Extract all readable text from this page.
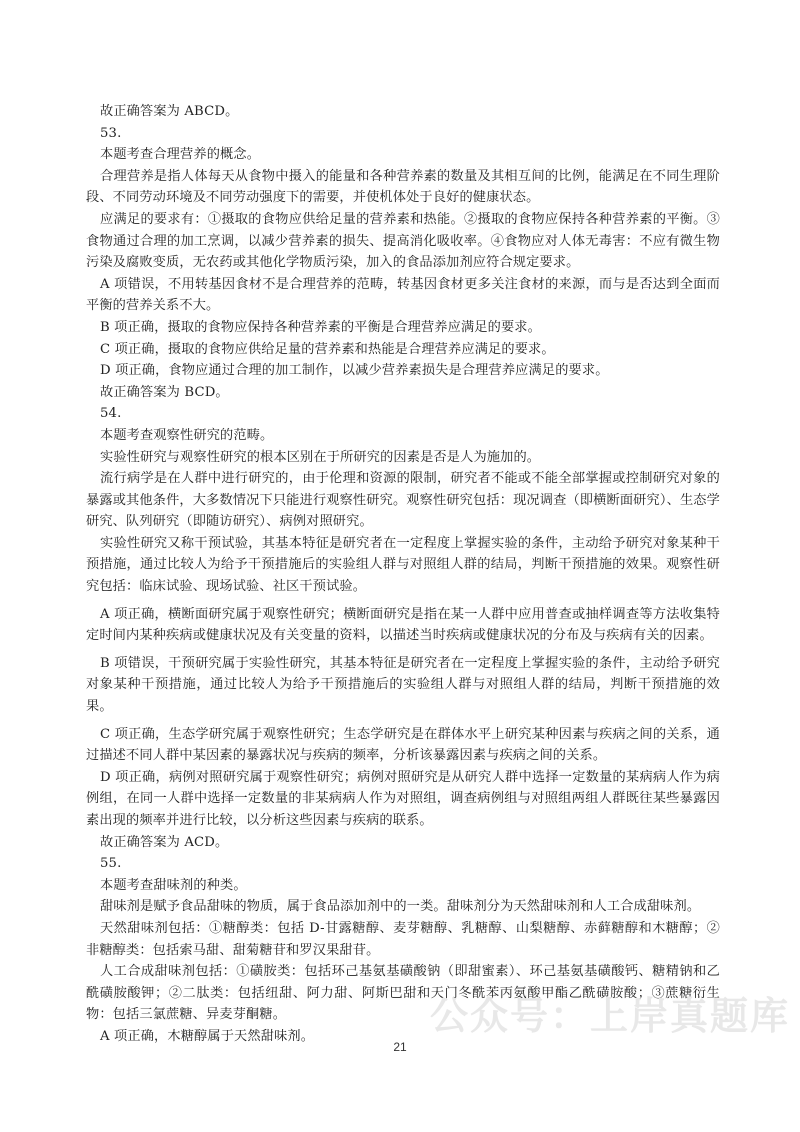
故正确答案为 ABCD。

53.

本题考查合理营养的概念。

合理营养是指人体每天从食物中摄入的能量和各种营养素的数量及其相互间的比例，能满足在不同生理阶段、不同劳动环境及不同劳动强度下的需要，并使机体处于良好的健康状态。

应满足的要求有：①摄取的食物应供给足量的营养素和热能。②摄取的食物应保持各种营养素的平衡。③食物通过合理的加工烹调，以减少营养素的损失、提高消化吸收率。④食物应对人体无毒害：不应有微生物污染及腐败变质，无农药或其他化学物质污染，加入的食品添加剂应符合规定要求。

A 项错误，不用转基因食材不是合理营养的范畴，转基因食材更多关注食材的来源，而与是否达到全面而平衡的营养关系不大。

B 项正确，摄取的食物应保持各种营养素的平衡是合理营养应满足的要求。

C 项正确，摄取的食物应供给足量的营养素和热能是合理营养应满足的要求。

D 项正确，食物应通过合理的加工制作，以减少营养素损失是合理营养应满足的要求。

故正确答案为 BCD。

54.

本题考查观察性研究的范畴。

实验性研究与观察性研究的根本区别在于所研究的因素是否是人为施加的。

流行病学是在人群中进行研究的，由于伦理和资源的限制，研究者不能或不能全部掌握或控制研究对象的暴露或其他条件，大多数情况下只能进行观察性研究。观察性研究包括：现况调查（即横断面研究）、生态学研究、队列研究（即随访研究）、病例对照研究。

实验性研究又称干预试验，其基本特征是研究者在一定程度上掌握实验的条件，主动给予研究对象某种干预措施，通过比较人为给予干预措施后的实验组人群与对照组人群的结局，判断干预措施的效果。观察性研究包括：临床试验、现场试验、社区干预试验。

A 项正确，横断面研究属于观察性研究；横断面研究是指在某一人群中应用普查或抽样调查等方法收集特定时间内某种疾病或健康状况及有关变量的资料，以描述当时疾病或健康状况的分布及与疾病有关的因素。

B 项错误，干预研究属于实验性研究，其基本特征是研究者在一定程度上掌握实验的条件，主动给予研究对象某种干预措施，通过比较人为给予干预措施后的实验组人群与对照组人群的结局，判断干预措施的效果。

C 项正确，生态学研究属于观察性研究；生态学研究是在群体水平上研究某种因素与疾病之间的关系，通过描述不同人群中某因素的暴露状况与疾病的频率，分析该暴露因素与疾病之间的关系。

D 项正确，病例对照研究属于观察性研究；病例对照研究是从研究人群中选择一定数量的某病病人作为病例组，在同一人群中选择一定数量的非某病病人作为对照组，调查病例组与对照组两组人群既往某些暴露因素出现的频率并进行比较，以分析这些因素与疾病的联系。

故正确答案为 ACD。

55.

本题考查甜味剂的种类。

甜味剂是赋予食品甜味的物质，属于食品添加剂中的一类。甜味剂分为天然甜味剂和人工合成甜味剂。

天然甜味剂包括：①糖醇类：包括 D-甘露糖醇、麦芽糖醇、乳糖醇、山梨糖醇、赤藓糖醇和木糖醇；②非糖醇类：包括索马甜、甜菊糖苷和罗汉果甜苷。

人工合成甜味剂包括：①磺胺类：包括环己基氨基磺酸钠（即甜蜜素）、环己基氨基磺酸钙、糖精钠和乙酰磺胺酸钾；②二肽类：包括纽甜、阿力甜、阿斯巴甜和天门冬酰苯丙氨酸甲酯乙酰磺胺酸；③蔗糖衍生物：包括三氯蔗糖、异麦芽酮糖。

A 项正确，木糖醇属于天然甜味剂。	公众号：上岸真题库
21
